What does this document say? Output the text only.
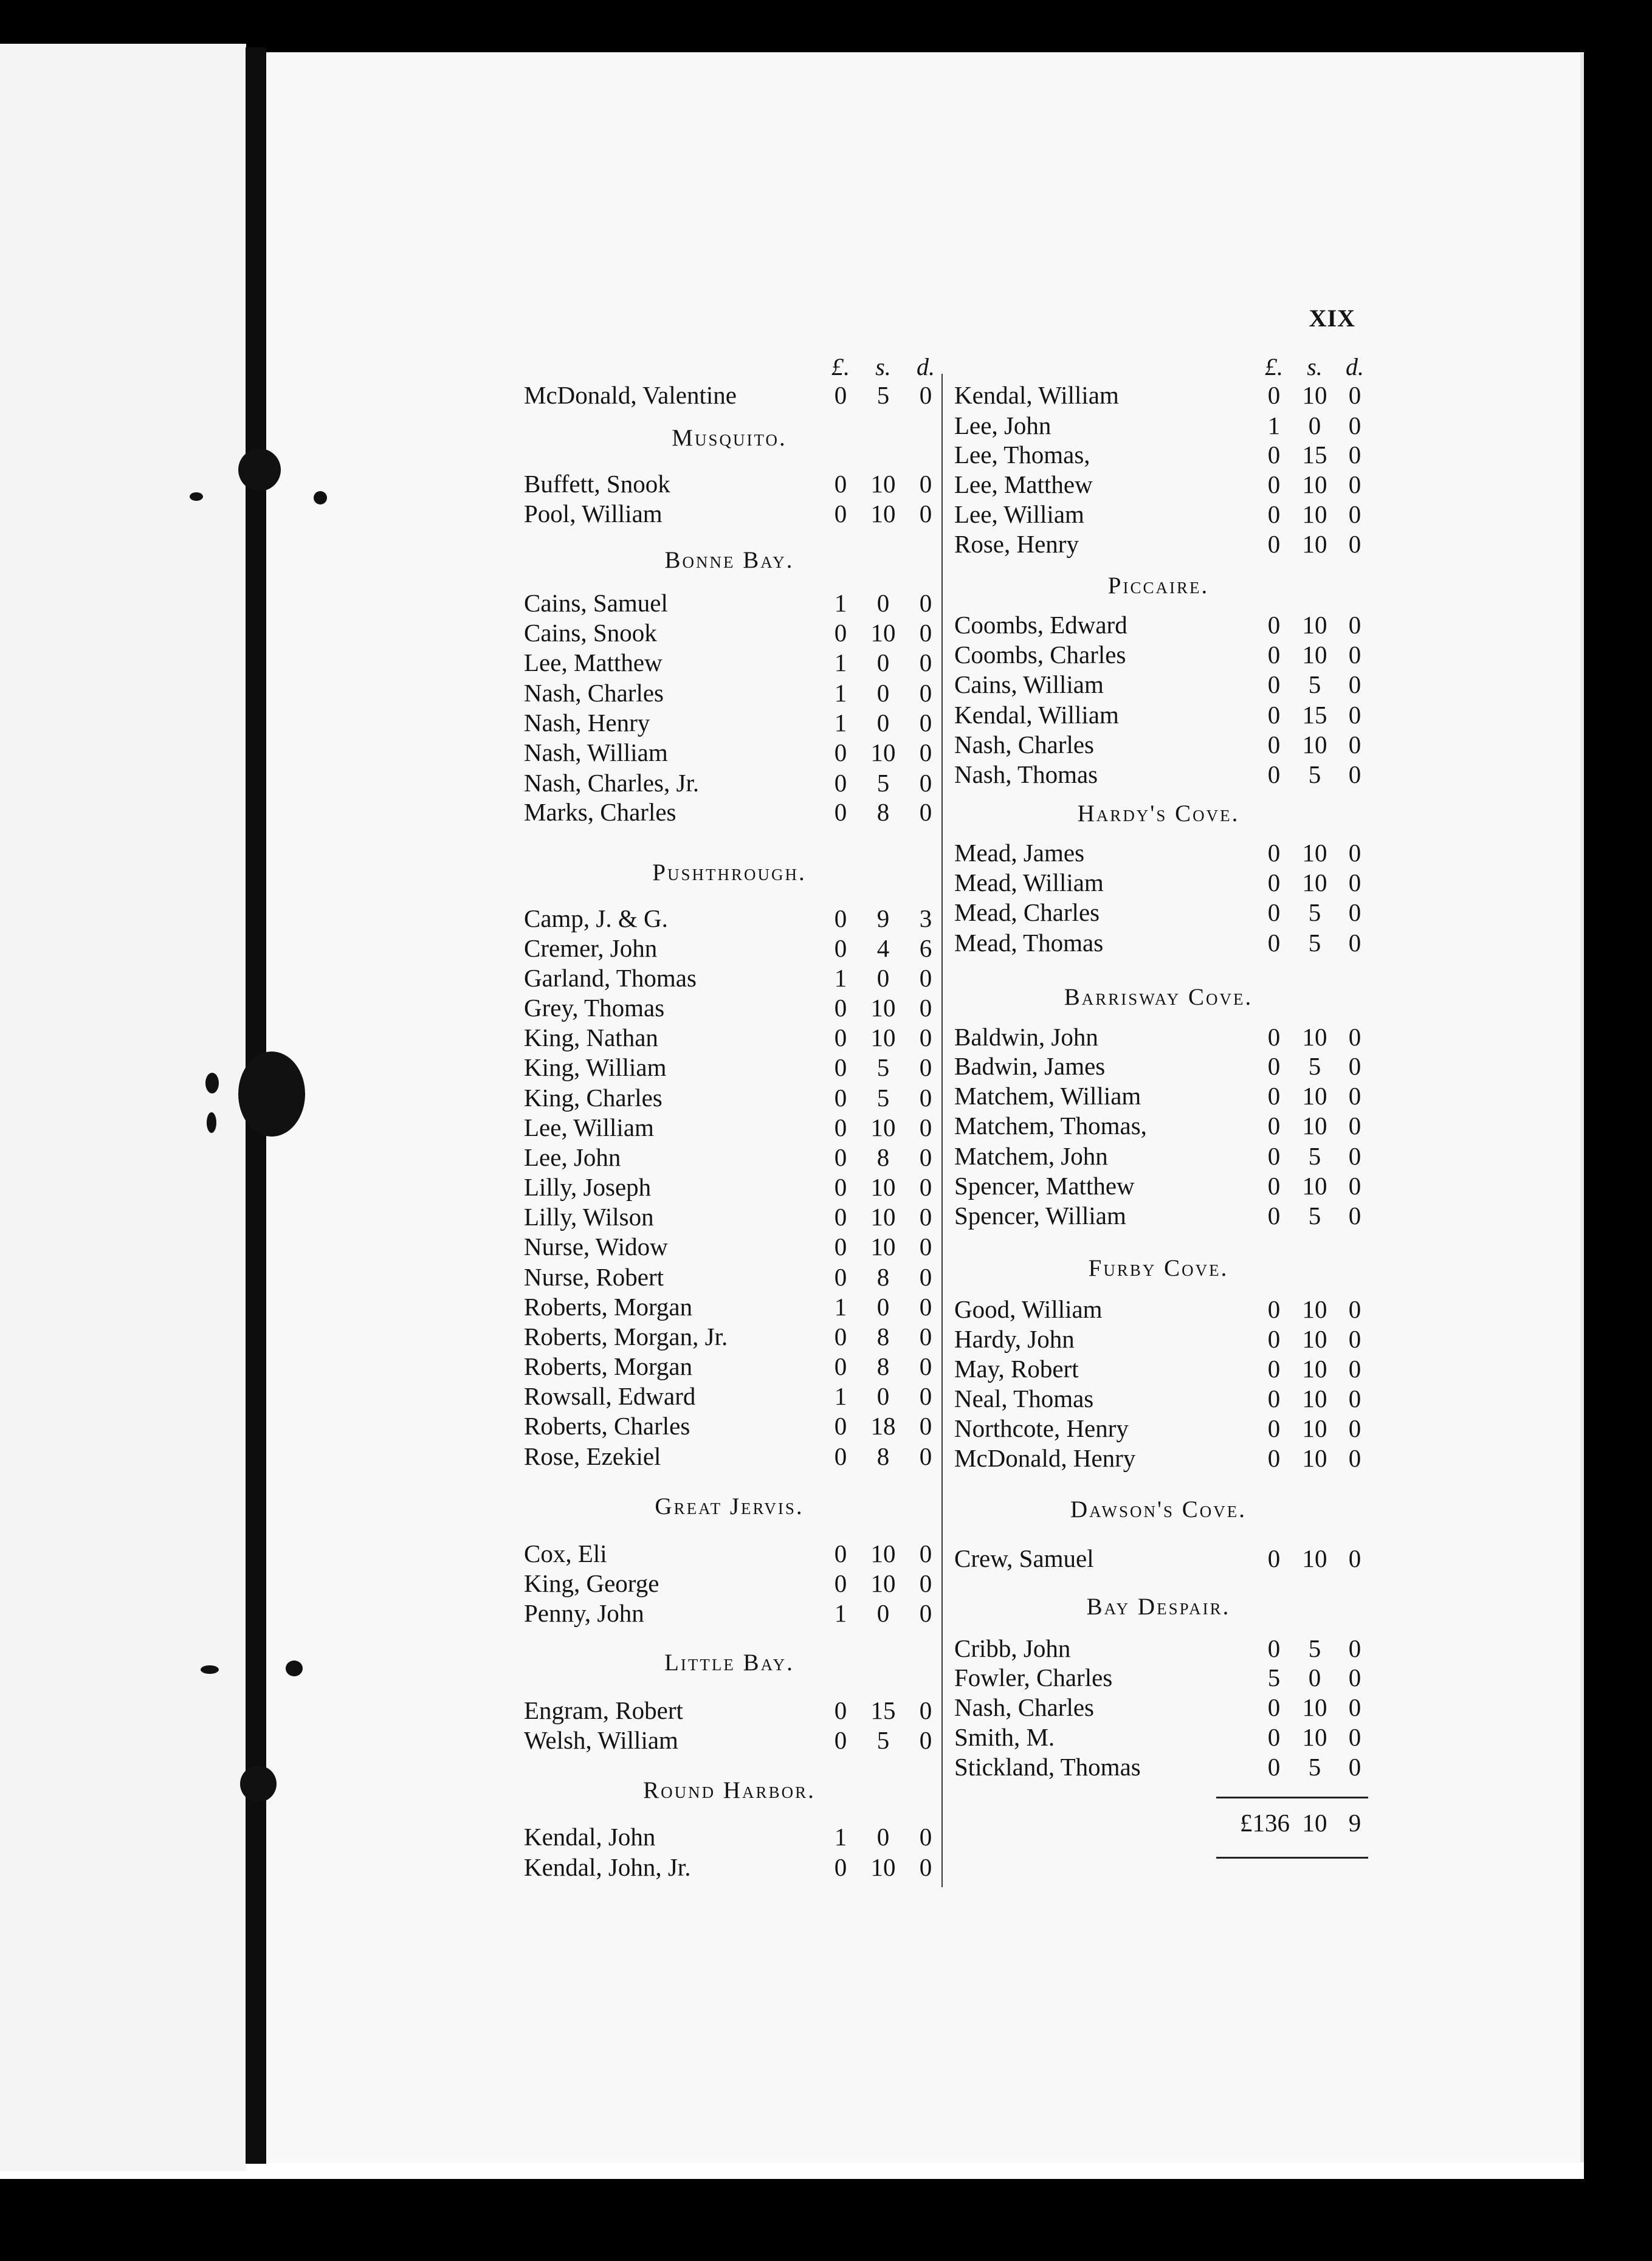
XIX
£.	s.	d.
McDonald, Valentine	0	5	0
Musquito.
Buffett, Snook	0 10 0
Pool, William	0 10 0
Bonne Bay.
Cains, Samuel	1	0	0
Cains, Snook	0 10 0
Lee, Matthew	1	0	0
Nash, Charles	1	0	0
Nash, Henry	1	0	0
Nash, William	0 10 0
Nash, Charles, Jr.	0	5	0
Marks, Charles	0	8	0
Pushthrough.
Camp, J. & G.	0	9	3
Cremer, John	0	4	6
Garland, Thomas	1	0	0
Grey, Thomas	0 10 0
King, Nathan	0 10 0
King, William	0	5	0
King, Charles	0	5	0
Lee, William	0 10 0
Lee, John	0	8	0
Lilly, Joseph	0 10 0
Lilly, Wilson	0 10 0
Nurse, Widow	0 10 0
Nurse, Robert	0	8	0
Roberts, Morgan	1	0	0
Roberts, Morgan, Jr.	0	8	0
Roberts, Morgan	0	8	0
Rowsall, Edward	1	0	0
Roberts, Charles	0 18 0
Rose, Ezekiel	0	8	0
Great Jervis.
Cox, Eli	0 10 0
King, George	0 10 0
Penny, John	1	0	0
Little Bay.
Engram, Robert	0 15 0
Welsh, William	0	5	0
Round Harbor.
Kendal, John	1	0	0
Kendal, John, Jr.	0 10 0
£. s. d.
Kendal, William	0 10 0
Lee, John	1	0	0
Lee, Thomas,	0 15 0
Lee, Matthew	0 10 0
Lee, William	0 10 0
Rose, Henry	0 10 0
Piccaire.
Coombs, Edward	0 10 0
Coombs, Charles	0 10 0
Cains, William	0	5	0
Kendal, William	0 15 0
Nash, Charles	0 10 0
Nash, Thomas	0	5	0
Hardy's Cove.
Mead, James	0 10 0
Mead, William	0 10 0
Mead, Charles	0	5	0
Mead, Thomas	0	5	0
Barrisway Cove.
Baldwin, John	0 10 0
Badwin, James	0	5	0
Matchem, William	0 10 0
Matchem, Thomas,	0 10 0
Matchem, John	0	5	0
Spencer, Matthew	0 10 0
Spencer, William	0	5	0
Furby Cove.
Good, William	0 10 0
Hardy, John	0 10 0
May, Robert	0 10 0
Neal, Thomas	0 10 0
Northcote, Henry	0 10 0
McDonald, Henry	0 10 0
Dawson's Cove.
Crew, Samuel	0 10 0
Bay Despair.
Cribb, John	0	5	0
Fowler, Charles	5	0	0
Nash, Charles	0 10 0
Smith, M.	0 10 0
Stickland, Thomas	0	5	0
£136 10 9
